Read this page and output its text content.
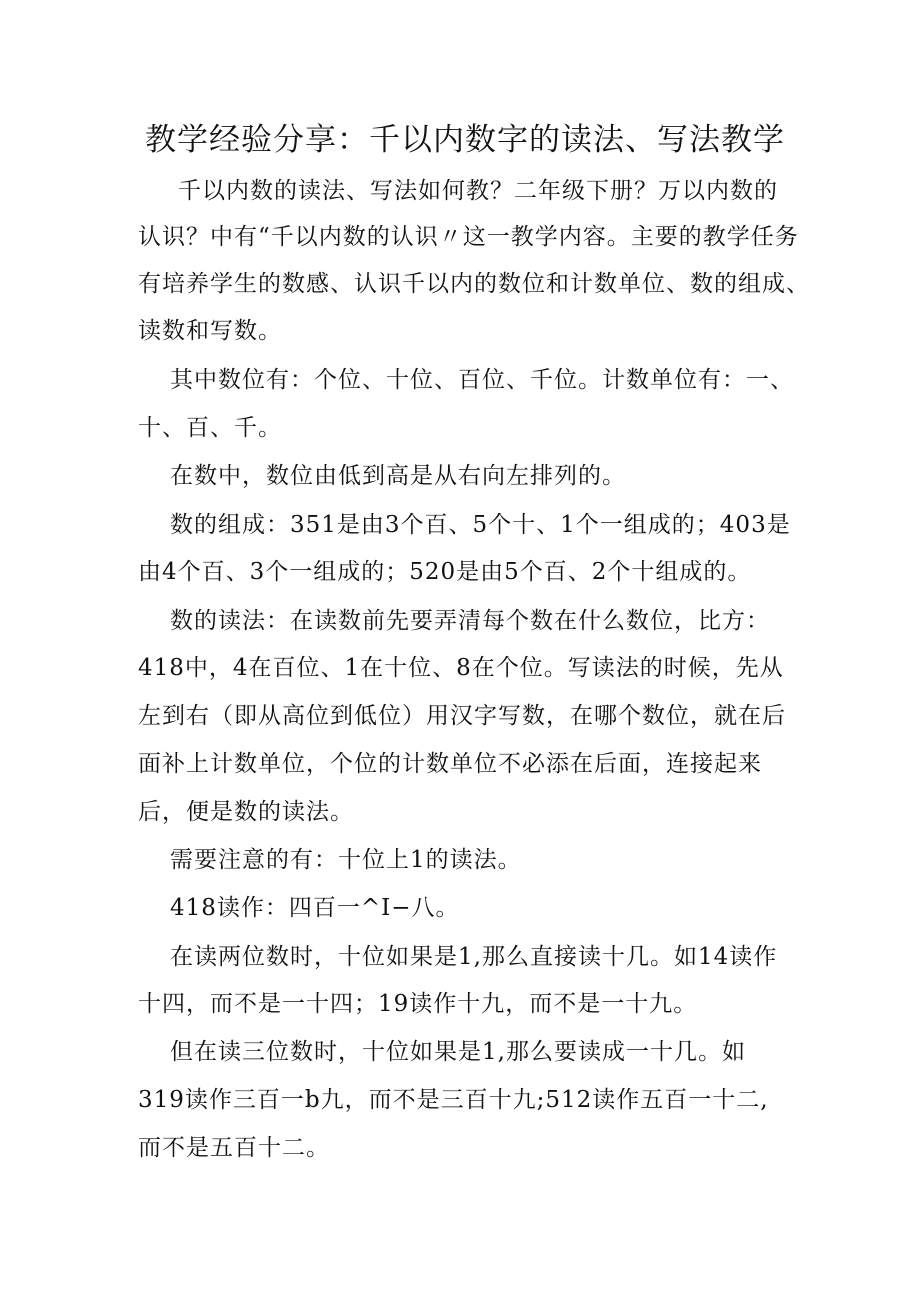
教学经验分享：千以内数字的读法、写法教学

千以内数的读法、写法如何教？二年级下册？万以内数的

认识？中有“千以内数的认识〃这一教学内容。主要的教学任务

有培养学生的数感、认识千以内的数位和计数单位、数的组成、

读数和写数。

其中数位有：个位、十位、百位、千位。计数单位有：一、

十、百、千。

在数中，数位由低到高是从右向左排列的。

数的组成：351是由3个百、5个十、1个一组成的；403是

由4个百、3个一组成的；520是由5个百、2个十组成的。

数的读法：在读数前先要弄清每个数在什么数位，比方：

418中，4在百位、1在十位、8在个位。写读法的时候，先从

左到右（即从高位到低位）用汉字写数，在哪个数位，就在后

面补上计数单位，个位的计数单位不必添在后面，连接起来

后，便是数的读法。

需要注意的有：十位上1的读法。

418读作：四百一^I−八。

在读两位数时，十位如果是1,那么直接读十几。如14读作

十四，而不是一十四；19读作十九，而不是一十九。

但在读三位数时，十位如果是1,那么要读成一十几。如

319读作三百一b九，而不是三百十九;512读作五百一十二,

而不是五百十二。
